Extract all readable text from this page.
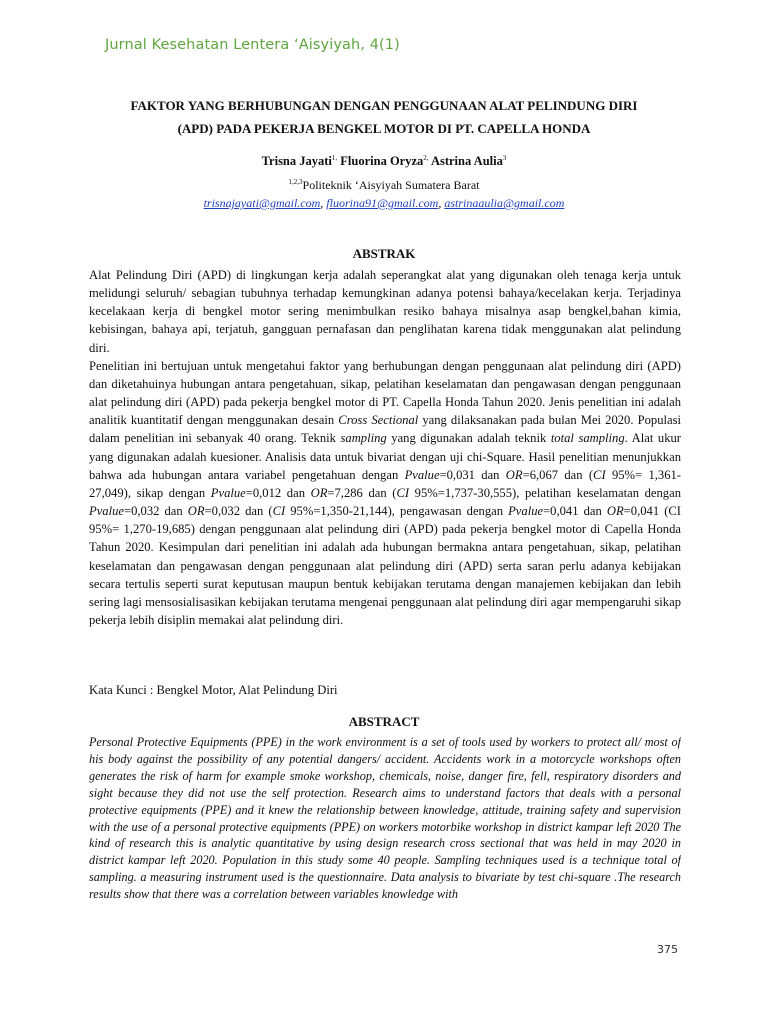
Jurnal Kesehatan Lentera ‘Aisyiyah, 4(1)
FAKTOR YANG BERHUBUNGAN DENGAN PENGGUNAAN ALAT PELINDUNG DIRI
(APD) PADA PEKERJA BENGKEL MOTOR DI PT. CAPELLA HONDA
Trisna Jayati$^{1,}$ Fluorina Oryza$^{2,}$ Astrina Aulia$^3$
$^{1,2,3}$Politeknik ‘Aisyiyah Sumatera Barat
trisnajayati@gmail.com, fluorina91@gmail.com, astrinaaulia@gmail.com
ABSTRAK

Alat Pelindung Diri (APD) di lingkungan kerja adalah seperangkat alat yang digunakan oleh tenaga kerja untuk melidungi seluruh/ sebagian tubuhnya terhadap kemungkinan adanya potensi bahaya/kecelakan kerja. Terjadinya kecelakaan kerja di bengkel motor sering menimbulkan resiko bahaya misalnya asap bengkel,bahan kimia, kebisingan, bahaya api, terjatuh, gangguan pernafasan dan penglihatan karena tidak menggunakan alat pelindung diri.

Penelitian ini bertujuan untuk mengetahui faktor yang berhubungan dengan penggunaan alat pelindung diri (APD) dan diketahuinya hubungan antara pengetahuan, sikap, pelatihan keselamatan dan pengawasan dengan penggunaan alat pelindung diri (APD) pada pekerja bengkel motor di PT. Capella Honda Tahun 2020. Jenis penelitian ini adalah analitik kuantitatif dengan menggunakan desain Cross Sectional yang dilaksanakan pada bulan Mei 2020. Populasi dalam penelitian ini sebanyak 40 orang. Teknik sampling yang digunakan adalah teknik total sampling. Alat ukur yang digunakan adalah kuesioner. Analisis data untuk bivariat dengan uji chi-Square. Hasil penelitian menunjukkan bahwa ada hubungan antara variabel pengetahuan dengan Pvalue=0,031 dan OR=6,067 dan (CI 95%= 1,361-27,049), sikap dengan Pvalue=0,012 dan OR=7,286 dan (CI 95%=1,737-30,555), pelatihan keselamatan dengan Pvalue=0,032 dan OR=0,032 dan (CI 95%=1,350-21,144), pengawasan dengan Pvalue=0,041 dan OR=0,041 (CI 95%= 1,270-19,685) dengan penggunaan alat pelindung diri (APD) pada pekerja bengkel motor di Capella Honda Tahun 2020. Kesimpulan dari penelitian ini adalah ada hubungan bermakna antara pengetahuan, sikap, pelatihan keselamatan dan pengawasan dengan penggunaan alat pelindung diri (APD) serta saran perlu adanya kebijakan secara tertulis seperti surat keputusan maupun bentuk kebijakan terutama dengan manajemen kebijakan dan lebih sering lagi mensosialisasikan kebijakan terutama mengenai penggunaan alat pelindung diri agar mempengaruhi sikap pekerja lebih disiplin memakai alat pelindung diri.

Kata Kunci : Bengkel Motor, Alat Pelindung Diri
ABSTRACT

Personal Protective Equipments (PPE) in the work environment is a set of tools used by workers to protect all/ most of his body against the possibility of any potential dangers/ accident. Accidents work in a motorcycle workshops often generates the risk of harm for example smoke workshop, chemicals, noise, danger fire, fell, respiratory disorders and sight because they did not use the self protection. Research aims to understand factors that deals with a personal protective equipments (PPE) and it knew the relationship between knowledge, attitude, training safety and supervision with the use of a personal protective equipments (PPE) on workers motorbike workshop in district kampar left 2020 The kind of research this is analytic quantitative by using design research cross sectional that was held in may 2020 in district kampar left 2020. Population in this study some 40 people. Sampling techniques used is a technique total of sampling. a measuring instrument used is the questionnaire. Data analysis to bivariate by test chi-square .The research results show that there was a correlation between variables knowledge with

375
